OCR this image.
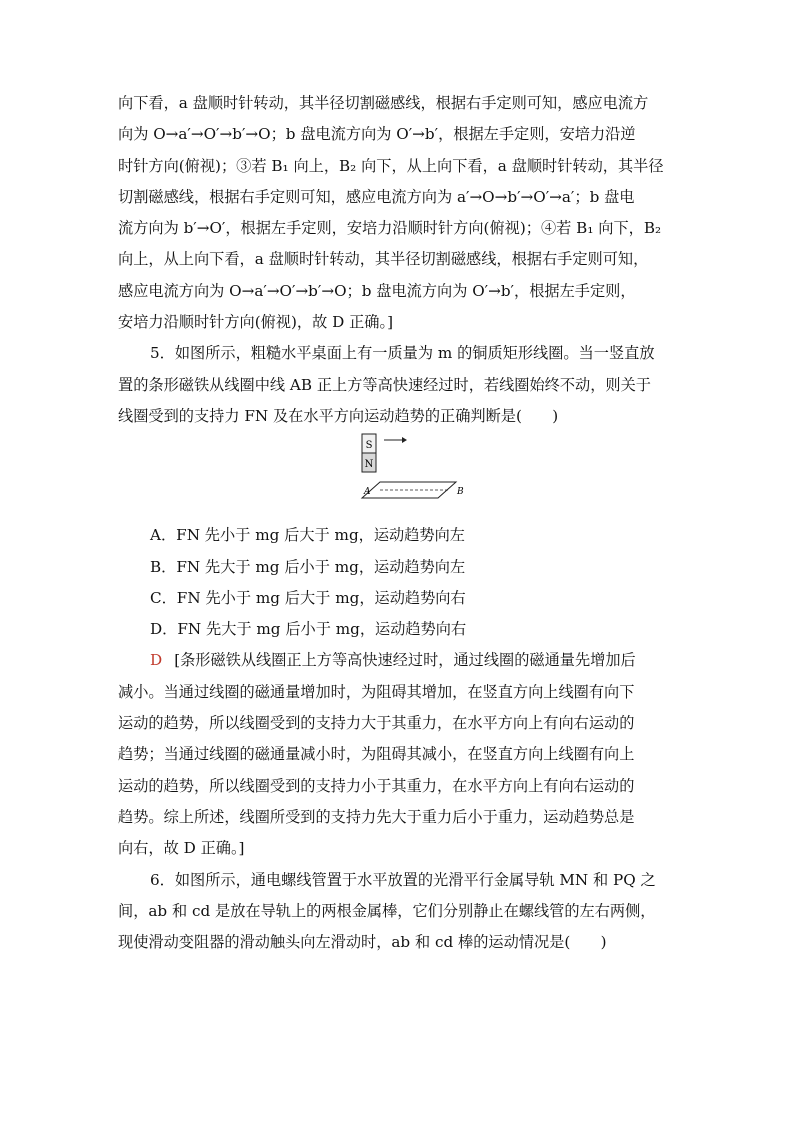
向下看，a 盘顺时针转动，其半径切割磁感线，根据右手定则可知，感应电流方
向为 O→a′→O′→b′→O；b 盘电流方向为 O′→b′，根据左手定则，安培力沿逆
时针方向(俯视)；③若 B₁ 向上，B₂ 向下，从上向下看，a 盘顺时针转动，其半径
切割磁感线，根据右手定则可知，感应电流方向为 a′→O→b′→O′→a′；b 盘电
流方向为 b′→O′，根据左手定则，安培力沿顺时针方向(俯视)；④若 B₁ 向下，B₂
向上，从上向下看，a 盘顺时针转动，其半径切割磁感线，根据右手定则可知，
感应电流方向为 O→a′→O′→b′→O；b 盘电流方向为 O′→b′，根据左手定则，
安培力沿顺时针方向(俯视)，故 D 正确。]
5．如图所示，粗糙水平桌面上有一质量为 m 的铜质矩形线圈。当一竖直放
置的条形磁铁从线圈中线 AB 正上方等高快速经过时，若线圈始终不动，则关于
线圈受到的支持力 FN 及在水平方向运动趋势的正确判断是(　　)
S
N
A	B
A．FN 先小于 mg 后大于 mg，运动趋势向左
B．FN 先大于 mg 后小于 mg，运动趋势向左
C．FN 先小于 mg 后大于 mg，运动趋势向右
D．FN 先大于 mg 后小于 mg，运动趋势向右
D [条形磁铁从线圈正上方等高快速经过时，通过线圈的磁通量先增加后
减小。当通过线圈的磁通量增加时，为阻碍其增加，在竖直方向上线圈有向下
运动的趋势，所以线圈受到的支持力大于其重力，在水平方向上有向右运动的
趋势；当通过线圈的磁通量减小时，为阻碍其减小，在竖直方向上线圈有向上
运动的趋势，所以线圈受到的支持力小于其重力，在水平方向上有向右运动的
趋势。综上所述，线圈所受到的支持力先大于重力后小于重力，运动趋势总是
向右，故 D 正确。]
6．如图所示，通电螺线管置于水平放置的光滑平行金属导轨 MN 和 PQ 之
间，ab 和 cd 是放在导轨上的两根金属棒，它们分别静止在螺线管的左右两侧，
现使滑动变阻器的滑动触头向左滑动时，ab 和 cd 棒的运动情况是(　　)
